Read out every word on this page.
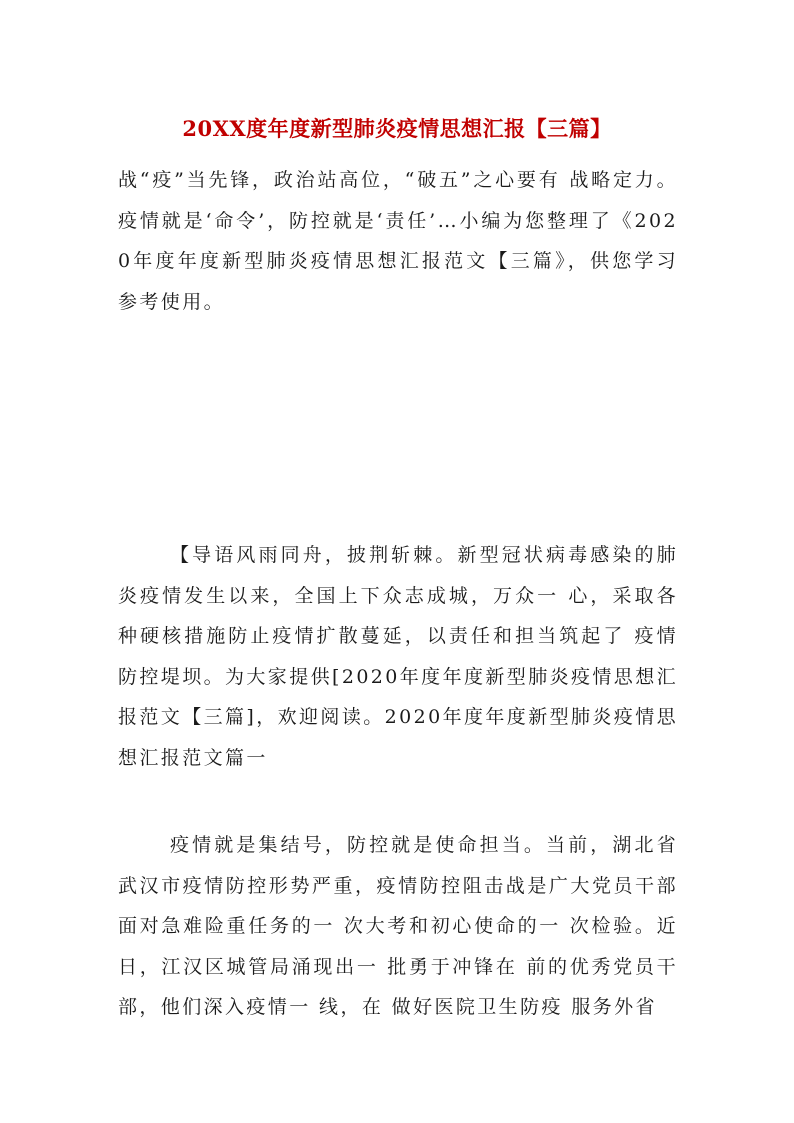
20XX度年度新型肺炎疫情思想汇报【三篇】

战“疫”当先锋，政治站高位，“破五”之心要有 战略定力。疫情就是‘命令’，防控就是‘责任’…小编为您整理了《2020年度年度新型肺炎疫情思想汇报范文【三篇》，供您学习参考使用。

【导语风雨同舟，披荆斩棘。新型冠状病毒感染的肺炎疫情发生以来，全国上下众志成城，万众一 心，采取各种硬核措施防止疫情扩散蔓延，以责任和担当筑起了 疫情防控堤坝。为大家提供[2020年度年度新型肺炎疫情思想汇报范文【三篇]，欢迎阅读。2020年度年度新型肺炎疫情思想汇报范文篇一

疫情就是集结号，防控就是使命担当。当前，湖北省武汉市疫情防控形势严重，疫情防控阻击战是广大党员干部面对急难险重任务的一 次大考和初心使命的一 次检验。近日，江汉区城管局涌现出一 批勇于冲锋在 前的优秀党员干部，他们深入疫情一 线，在 做好医院卫生防疫 服务外省
